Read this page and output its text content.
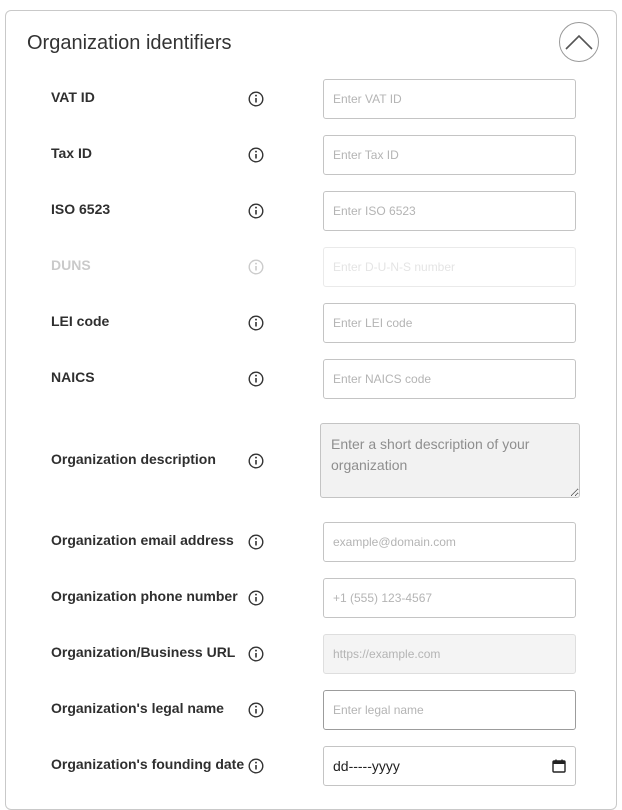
Organization identifiers
VAT ID
Enter VAT ID
Tax ID
Enter Tax ID
ISO 6523
Enter ISO 6523
DUNS
Enter D-U-N-S number
LEI code
Enter LEI code
NAICS
Enter NAICS code
Organization description
Enter a short description of your organization
Organization email address
example@domain.com
Organization phone number
+1 (555) 123-4567
Organization/Business URL
https://example.com
Organization's legal name
Enter legal name
Organization's founding date	dd-----yyyy
